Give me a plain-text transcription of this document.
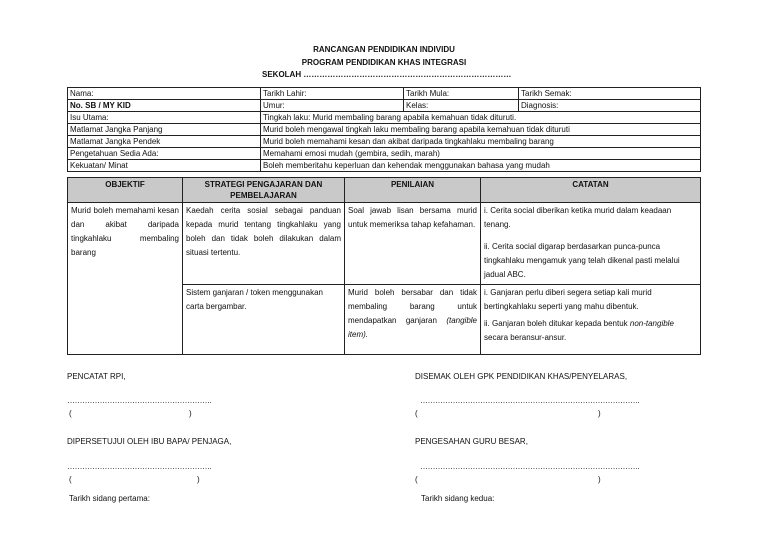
RANCANGAN PENDIDIKAN INDIVIDU
PROGRAM PENDIDIKAN KHAS INTEGRASI
SEKOLAH ……………………………………………………………………
Nama:	Tarikh Lahir:	Tarikh Mula:	Tarikh Semak:
No. SB / MY KID	Umur:	Kelas:	Diagnosis:
Isu Utama:	Tingkah laku: Murid membaling barang apabila kemahuan tidak dituruti.		
Matlamat Jangka Panjang	Murid boleh mengawal tingkah laku membaling barang apabila kemahuan tidak dituruti		
Matlamat Jangka Pendek	Murid boleh memahami kesan dan akibat daripada tingkahlaku membaling barang		
Pengetahuan Sedia Ada:	Memahami emosi mudah (gembira, sedih, marah)		
Kekuatan/ Minat	Boleh memberitahu keperluan dan kehendak menggunakan bahasa yang mudah		
OBJEKTIF	STRATEGI PENGAJARAN DAN PEMBELAJARAN	PENILAIAN	CATATAN
Murid boleh memahami kesan dan akibat daripada tingkahlaku membaling barang	Kaedah cerita sosial sebagai panduan kepada murid tentang tingkahlaku yang boleh dan tidak boleh dilakukan dalam situasi tertentu.	Soal jawab lisan bersama murid untuk memeriksa tahap kefahaman.	i. Cerita social diberikan ketika murid dalam keadaan tenang.
ii. Cerita social digarap berdasarkan punca-punca tingkahlaku mengamuk yang telah dikenal pasti melalui jadual ABC.

	Sistem ganjaran / token menggunakan carta bergambar.	Murid boleh bersabar dan tidak membaling barang untuk mendapatkan ganjaran (tangible item).	i. Ganjaran perlu diberi segera setiap kali murid bertingkahlaku seperti yang mahu dibentuk.
ii. Ganjaran boleh ditukar kepada bentuk non-tangible secara beransur-ansur.
PENCATAT RPI,	DISEMAK OLEH GPK PENDIDIKAN KHAS/PENYELARAS,
………………………………………………….	…………………………………………………………………………….
(	)	(	)
DIPERSETUJUI OLEH IBU BAPA/ PENJAGA,	PENGESAHAN GURU BESAR,
………………………………………………….	…………………………………………………………………………….
(	)	(	)
Tarikh sidang pertama:	Tarikh sidang kedua:
